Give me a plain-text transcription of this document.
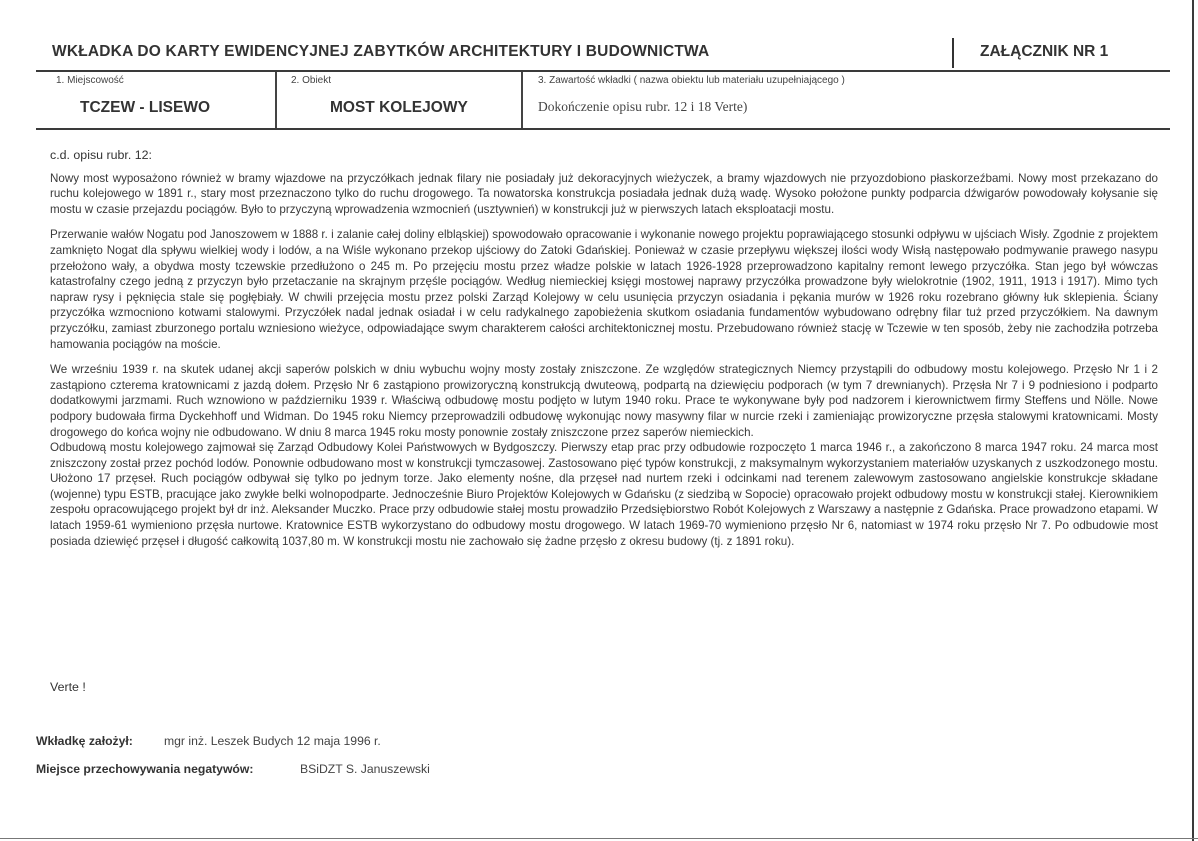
WKŁADKA DO KARTY EWIDENCYJNEJ ZABYTKÓW ARCHITEKTURY I BUDOWNICTWA	ZAŁĄCZNIK NR 1
1. Miejscowość
TCZEW - LISEWO
2. Obiekt
MOST KOLEJOWY
3. Zawartość wkładki ( nazwa obiektu lub materiału uzupełniającego )
Dokończenie opisu rubr. 12 i 18 Verte)
c.d. opisu rubr. 12:

Nowy most wyposażono również w bramy wjazdowe na przyczółkach jednak filary nie posiadały już dekoracyjnych wieżyczek, a bramy wjazdowych nie przyozdobiono płaskorzeźbami. Nowy most przekazano do ruchu kolejowego w 1891 r., stary most przeznaczono tylko do ruchu drogowego. Ta nowatorska konstrukcja posiadała jednak dużą wadę. Wysoko położone punkty podparcia dźwigarów powodowały kołysanie się mostu w czasie przejazdu pociągów. Było to przyczyną wprowadzenia wzmocnień (usztywnień) w konstrukcji już w pierwszych latach eksploatacji mostu.

Przerwanie wałów Nogatu pod Janoszowem w 1888 r. i zalanie całej doliny elbląskiej) spowodowało opracowanie i wykonanie nowego projektu poprawiającego stosunki odpływu w ujściach Wisły. Zgodnie z projektem zamknięto Nogat dla spływu wielkiej wody i lodów, a na Wiśle wykonano przekop ujściowy do Zatoki Gdańskiej. Ponieważ w czasie przepływu większej ilości wody Wisłą następowało podmywanie prawego nasypu przełożono wały, a obydwa mosty tczewskie przedłużono o 245 m. Po przejęciu mostu przez władze polskie w latach 1926-1928 przeprowadzono kapitalny remont lewego przyczółka. Stan jego był wówczas katastrofalny czego jedną z przyczyn było przetaczanie na skrajnym przęśle pociągów. Według niemieckiej księgi mostowej naprawy przyczółka prowadzone były wielokrotnie (1902, 1911, 1913 i 1917). Mimo tych napraw rysy i pęknięcia stale się pogłębiały. W chwili przejęcia mostu przez polski Zarząd Kolejowy w celu usunięcia przyczyn osiadania i pękania murów w 1926 roku rozebrano główny łuk sklepienia. Ściany przyczółka wzmocniono kotwami stalowymi. Przyczółek nadal jednak osiadał i w celu radykalnego zapobieżenia skutkom osiadania fundamentów wybudowano odrębny filar tuż przed przyczółkiem. Na dawnym przyczółku, zamiast zburzonego portalu wzniesiono wieżyce, odpowiadające swym charakterem całości architektonicznej mostu. Przebudowano również stację w Tczewie w ten sposób, żeby nie zachodziła potrzeba hamowania pociągów na moście.

We wrześniu 1939 r. na skutek udanej akcji saperów polskich w dniu wybuchu wojny mosty zostały zniszczone. Ze względów strategicznych Niemcy przystąpili do odbudowy mostu kolejowego. Przęsło Nr 1 i 2 zastąpiono czterema kratownicami z jazdą dołem. Przęsło Nr 6 zastąpiono prowizoryczną konstrukcją dwuteową, podpartą na dziewięciu podporach (w tym 7 drewnianych). Przęsła Nr 7 i 9 podniesiono i podparto dodatkowymi jarzmami. Ruch wznowiono w październiku 1939 r. Właściwą odbudowę mostu podjęto w lutym 1940 roku. Prace te wykonywane były pod nadzorem i kierownictwem firmy Steffens und Nölle. Nowe podpory budowała firma Dyckehhoff und Widman. Do 1945 roku Niemcy przeprowadzili odbudowę wykonując nowy masywny filar w nurcie rzeki i zamieniając prowizoryczne przęsła stalowymi kratownicami. Mosty drogowego do końca wojny nie odbudowano. W dniu 8 marca 1945 roku mosty ponownie zostały zniszczone przez saperów niemieckich.

Odbudową mostu kolejowego zajmował się Zarząd Odbudowy Kolei Państwowych w Bydgoszczy. Pierwszy etap prac przy odbudowie rozpoczęto 1 marca 1946 r., a zakończono 8 marca 1947 roku. 24 marca most zniszczony został przez pochód lodów. Ponownie odbudowano most w konstrukcji tymczasowej. Zastosowano pięć typów konstrukcji, z maksymalnym wykorzystaniem materiałów uzyskanych z uszkodzonego mostu. Ułożono 17 przęseł. Ruch pociągów odbywał się tylko po jednym torze. Jako elementy nośne, dla przęseł nad nurtem rzeki i odcinkami nad terenem zalewowym zastosowano angielskie konstrukcje składane (wojenne) typu ESTB, pracujące jako zwykłe belki wolnopodparte. Jednocześnie Biuro Projektów Kolejowych w Gdańsku (z siedzibą w Sopocie) opracowało projekt odbudowy mostu w konstrukcji stałej. Kierownikiem zespołu opracowującego projekt był dr inż. Aleksander Muczko. Prace przy odbudowie stałej mostu prowadziło Przedsiębiorstwo Robót Kolejowych z Warszawy a następnie z Gdańska. Prace prowadzono etapami. W latach 1959-61 wymieniono przęsła nurtowe. Kratownice ESTB wykorzystano do odbudowy mostu drogowego. W latach 1969-70 wymieniono przęsło Nr 6, natomiast w 1974 roku przęsło Nr 7. Po odbudowie most posiada dziewięć przęseł i długość całkowitą 1037,80 m. W konstrukcji mostu nie zachowało się żadne przęsło z okresu budowy (tj. z 1891 roku).

Verte !
Wkładkę założył:	mgr inż. Leszek Budych 12 maja 1996 r.
Miejsce przechowywania negatywów:	BSiDZT S. Januszewski
